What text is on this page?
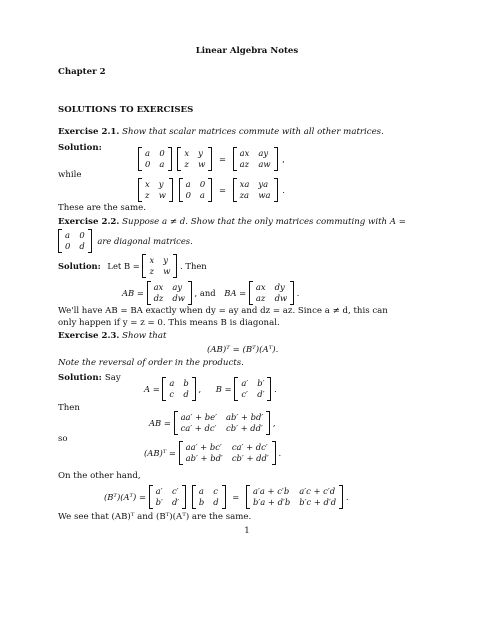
Linear Algebra Notes
Chapter 2
SOLUTIONS TO EXERCISES
Exercise 2.1. Show that scalar matrices commute with all other matrices.
Solution:	a 0
0 a

x y
z w =
ax ay
az aw ,
while
x y
z w

a 0
0 a =
xa ya
za wa .
These are the same.
Exercise 2.2. Suppose a ≠ d. Show that the only matrices commuting with A =
a 0
0 d are diagonal matrices.
Solution: Let B =
x y
z w . Then
AB =
ax ay
dz dw , and BA =
ax dy
az dw .
We'll have AB = BA exactly when dy = ay and dz = az. Since a ≠ d, this can
only happen if y = z = 0. This means B is diagonal.
Exercise 2.3. Show that
(AB)ᵀ = (Bᵀ)(Aᵀ).
Note the reversal of order in the products.
Solution: Say
A =
a b
c d , B =
a′ b′
c′ d′ .
Then
AB =
aa′ + be′ ab′ + bd′
ca′ + dc′ cb′ + dd′ ,
so
(AB)ᵀ =
aa′ + bc′ ca′ + dc′
ab′ + bd′ cb′ + dd′ .
On the other hand,
(Bᵀ)(Aᵀ) =
a′ c′
b′ d′

a c
b d =
a′a + c′b a′c + c′d
b′a + d′b b′c + d′d .
We see that (AB)ᵀ and (Bᵀ)(Aᵀ) are the same.
1
